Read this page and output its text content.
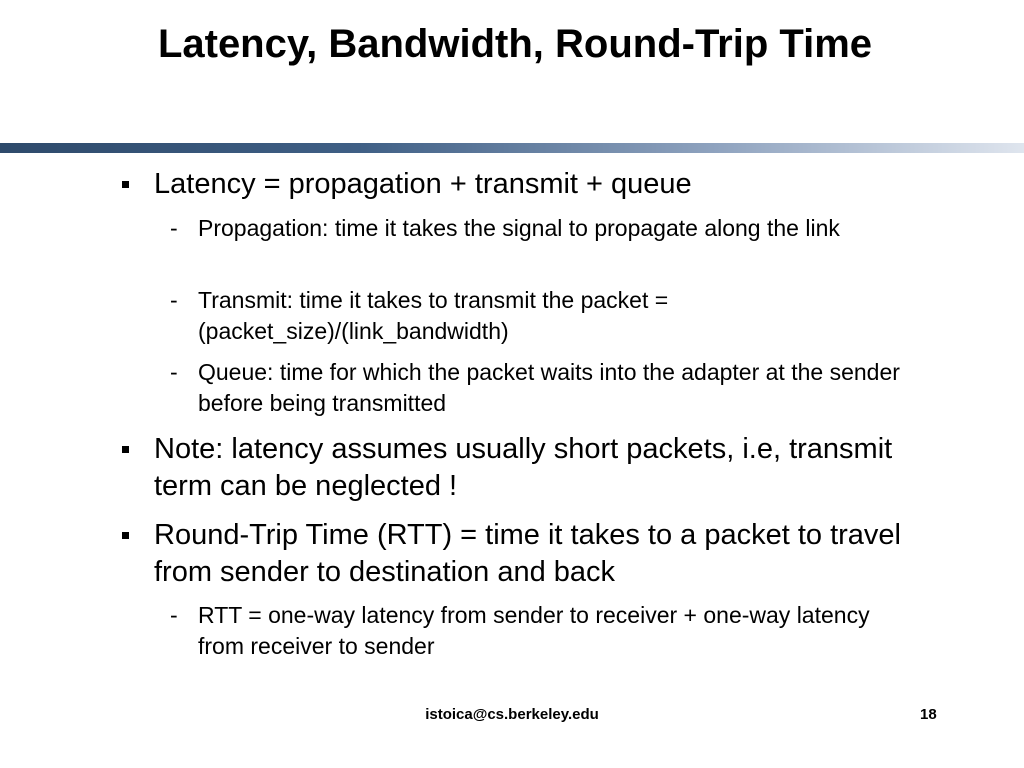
Latency, Bandwidth, Round-Trip Time
Latency = propagation + transmit + queue
- Propagation: time it takes the signal to propagate along the link
- Transmit: time it takes to transmit the packet = (packet_size)/(link_bandwidth)
- Queue: time for which the packet waits into the adapter at the sender before being transmitted
Note: latency assumes usually short packets, i.e, transmit term can be neglected !
Round-Trip Time (RTT) = time it takes to a packet to travel from sender to destination and back
- RTT = one-way latency from sender to receiver + one-way latency from receiver to sender
istoica@cs.berkeley.edu	18
